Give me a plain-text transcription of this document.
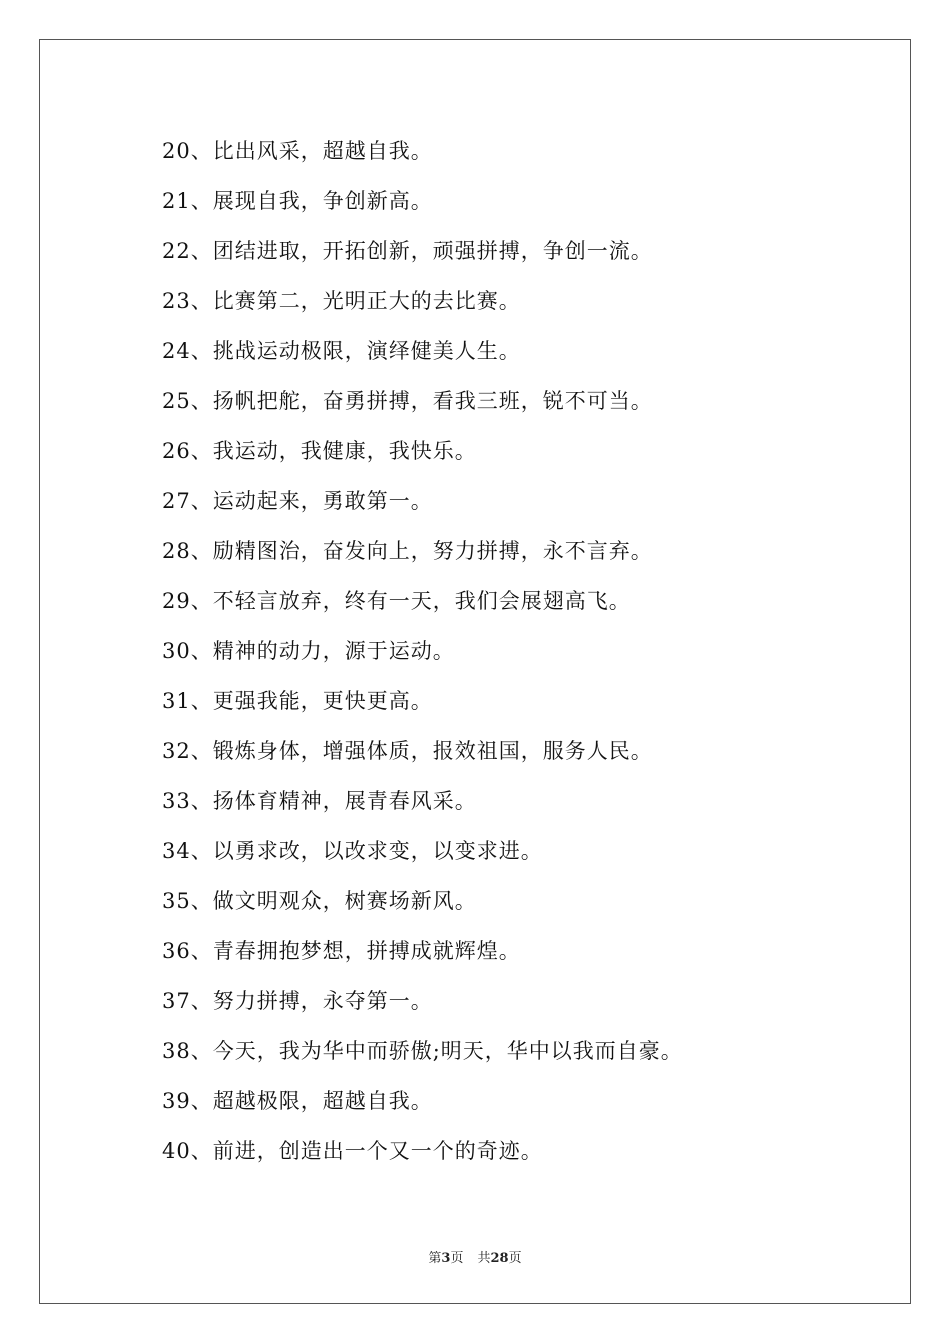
20、比出风采，超越自我。
21、展现自我，争创新高。
22、团结进取，开拓创新，顽强拼搏，争创一流。
23、比赛第二，光明正大的去比赛。
24、挑战运动极限，演绎健美人生。
25、扬帆把舵，奋勇拼搏，看我三班，锐不可当。
26、我运动，我健康，我快乐。
27、运动起来，勇敢第一。
28、励精图治，奋发向上，努力拼搏，永不言弃。
29、不轻言放弃，终有一天，我们会展翅高飞。
30、精神的动力，源于运动。
31、更强我能，更快更高。
32、锻炼身体，增强体质，报效祖国，服务人民。
33、扬体育精神，展青春风采。
34、以勇求改，以改求变，以变求进。
35、做文明观众，树赛场新风。
36、青春拥抱梦想，拼搏成就辉煌。
37、努力拼搏，永夺第一。
38、今天，我为华中而骄傲;明天，华中以我而自豪。
39、超越极限，超越自我。
40、前进，创造出一个又一个的奇迹。
第3页 共28页
